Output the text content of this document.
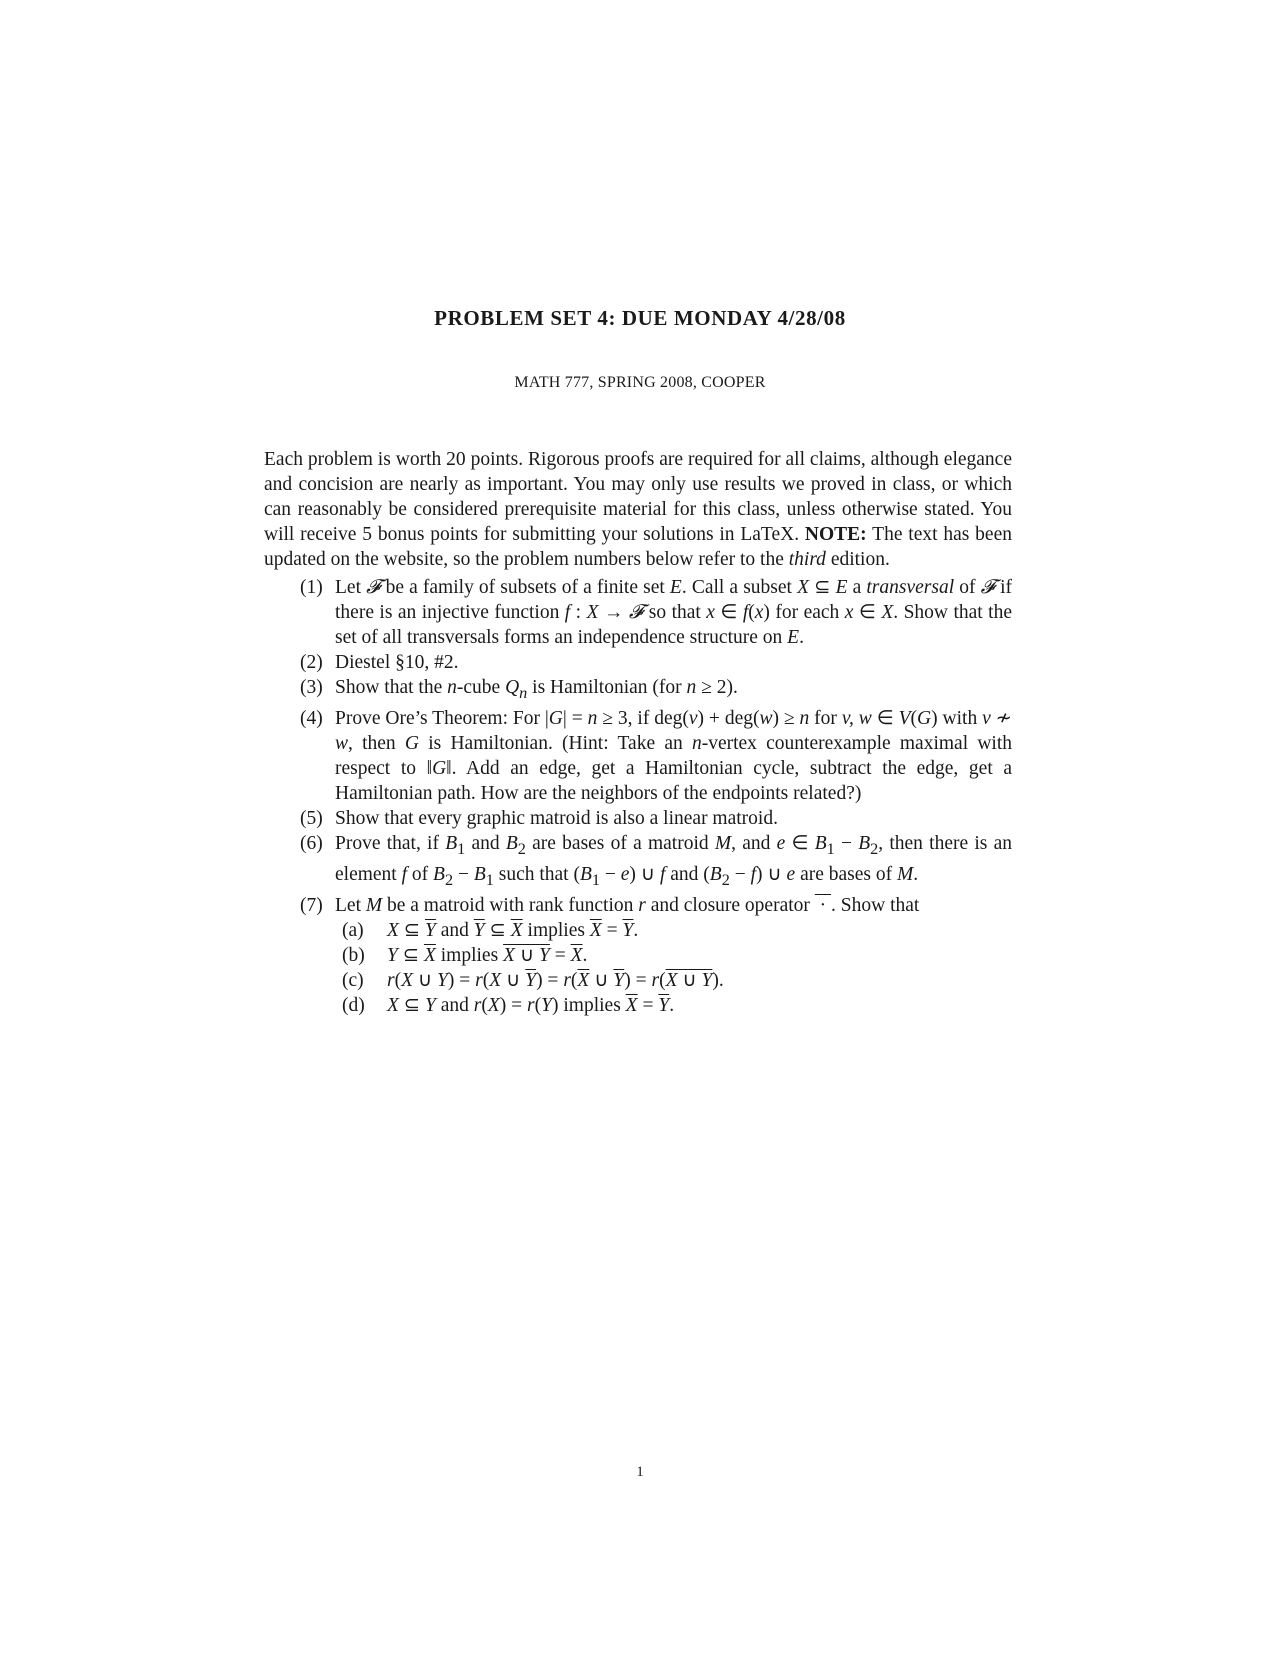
PROBLEM SET 4: DUE MONDAY 4/28/08
MATH 777, SPRING 2008, COOPER

Each problem is worth 20 points. Rigorous proofs are required for all claims, although elegance and concision are nearly as important. You may only use results we proved in class, or which can reasonably be considered prerequisite material for this class, unless otherwise stated. You will receive 5 bonus points for submitting your solutions in LaTeX. NOTE: The text has been updated on the website, so the problem numbers below refer to the third edition.

(1) Let 𝓕 be a family of subsets of a finite set E. Call a subset X ⊆ E a transversal of 𝓕 if there is an injective function f : X → 𝓕 so that x ∈ f(x) for each x ∈ X. Show that the set of all transversals forms an independence structure on E.
(2) Diestel §10, #2.
(3) Show that the n-cube $Q_n$ is Hamiltonian (for n ≥ 2).
(4) Prove Ore’s Theorem: For |G| = n ≥ 3, if deg(v) + deg(w) ≥ n for v, w ∈ V(G) with v ≁ w, then G is Hamiltonian. (Hint: Take an n-vertex counterexample maximal with respect to ‖G‖. Add an edge, get a Hamiltonian cycle, subtract the edge, get a Hamiltonian path. How are the neighbors of the endpoints related?)
(5) Show that every graphic matroid is also a linear matroid.
(6) Prove that, if $B_1$ and $B_2$ are bases of a matroid M, and e ∈ $B_1 - B_2$, then there is an element f of $B_2 - B_1$ such that $(B_1 - e)$ ∪ f and $(B_2 - f)$ ∪ e are bases of M.
(7) Let M be a matroid with rank function r and closure operator  · . Show that
(a) X ⊆ $\overline{Y}$ and $\overline{Y}$ ⊆ $\overline{X}$ implies $\overline{X} = \overline{Y}$.
(b) Y ⊆ $\overline{X}$ implies X ∪ $Y = \overline{X}$.
(c) r(X ∪ Y) = r(X ∪ $\overline{Y}) = r(\overline{X}$ ∪ $\overline{Y}) = r(X$ ∪ Y).
(d) X ⊆ Y and r(X) = r(Y) implies $\overline{X} = \overline{Y}$.
1
